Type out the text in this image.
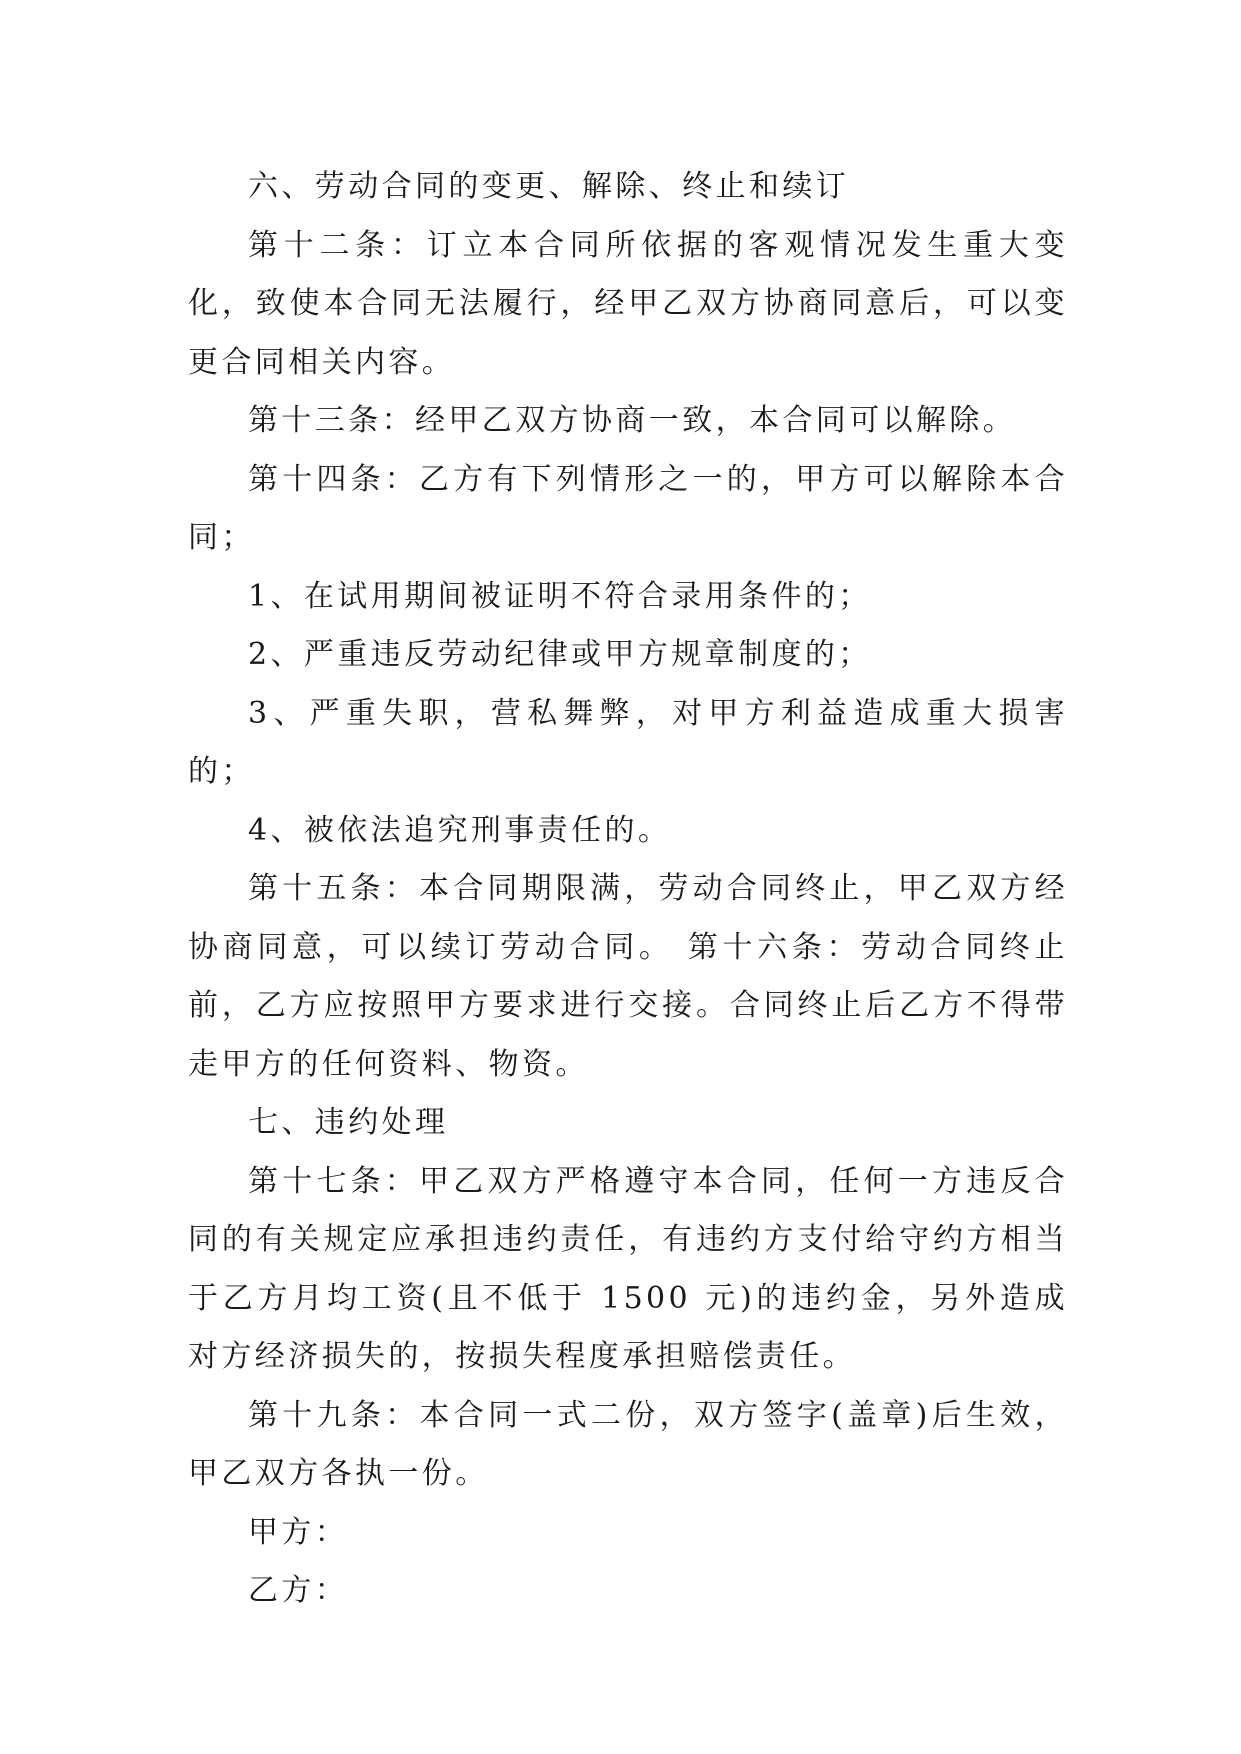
六、劳动合同的变更、解除、终止和续订

第十二条：订立本合同所依据的客观情况发生重大变化，致使本合同无法履行，经甲乙双方协商同意后，可以变更合同相关内容。

第十三条：经甲乙双方协商一致，本合同可以解除。

第十四条：乙方有下列情形之一的，甲方可以解除本合同；

1、在试用期间被证明不符合录用条件的；

2、严重违反劳动纪律或甲方规章制度的；

3、严重失职，营私舞弊，对甲方利益造成重大损害的；

4、被依法追究刑事责任的。

第十五条：本合同期限满，劳动合同终止，甲乙双方经协商同意，可以续订劳动合同。 第十六条：劳动合同终止前，乙方应按照甲方要求进行交接。合同终止后乙方不得带走甲方的任何资料、物资。

七、违约处理

第十七条：甲乙双方严格遵守本合同，任何一方违反合同的有关规定应承担违约责任，有违约方支付给守约方相当于乙方月均工资(且不低于 1500 元)的违约金，另外造成对方经济损失的，按损失程度承担赔偿责任。

第十九条：本合同一式二份，双方签字(盖章)后生效，甲乙双方各执一份。

甲方：

乙方：
